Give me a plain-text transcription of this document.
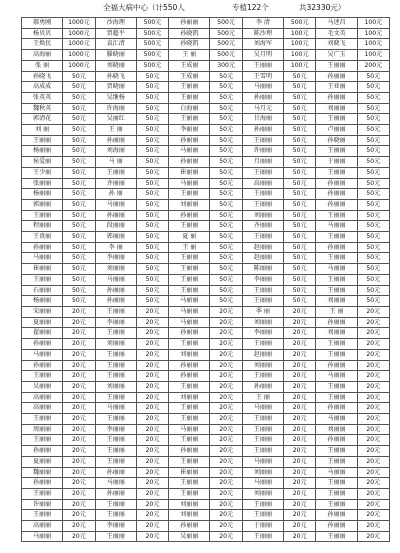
全福大病中心（计550人	专植122个	共32330元）
郝勇刚	1000元	沙海理	500元	孙丽丽	500元	李 清	500元	马述昌	100元
杨贝贝	1000元	贾超平	500元	孙晓凯	500元	陈沙理	100元	毛文英	100元
王焕民	1000元	袁汇清	500元	孙晓凯	500元	刘海军	100元	刘晓飞	100元
高海丽	1000元	滕晓丽	500元	王 丽	500元	吴月明	100元	吴广玉	100元
张 丽	1000元	刘晓丽	500元	王成丽	300元	王丽丽	100元	王丽丽	200元
孙晓飞	50元	孙晓飞	50元	王成丽	50元	王雪明	50元	孙丽丽	50元
高成成	50元	贾晓丽	50元	王丽丽	50元	马丽丽	50元	王亚丽	50元
张英英	50元	吴继杨	50元	王丽丽	50元	孙丽丽	50元	孙丽丽	50元
魏秋英	50元	许海丽	50元	白海丽	50元	马月元	50元	刘丽丽	50元
郭清花	50元	吴丽红	50元	王丽丽	50元	甘海丽	50元	王丽丽	50元
刘 丽	50元	王 丽	50元	李丽丽	50元	孙丽丽	50元	卢丽丽	50元
王丽丽	50元	孙丽丽	50元	孙丽丽	50元	王丽丽	50元	孙晓丽	50元
杨丽丽	50元	刘海丽	50元	马丽丽	50元	许丽丽	50元	王丽丽	50元
侯爱丽	50元	马 丽	50元	孙丽丽	50元	月丽丽	50元	于丽丽	50元
王少丽	50元	王丽丽	50元	崔丽丽	50元	王丽丽	50元	王丽丽	50元
张丽丽	50元	齐丽丽	50元	马丽丽	50元	高丽丽	50元	孙丽丽	50元
杨丽丽	50元	孙 丽	50元	王丽丽	50元	王丽丽	50元	孙丽丽	50元
郭丽丽	50元	马丽丽	50元	刘丽丽	50元	王丽丽	50元	孙丽丽	50元
王丽丽	50元	孙丽丽	50元	孙丽丽	50元	刘丽丽	50元	王丽丽	50元
程丽丽	50元	段丽丽	50元	王丽丽	50元	齐丽丽	50元	马丽丽	50元
王贵丽	50元	郭丽丽	50元	夏 丽	50元	王丽丽	50元	王丽丽	50元
孙丽丽	50元	李 丽	50元	王 丽	50元	赵丽丽	50元	孙丽丽	50元
马丽丽	50元	李丽丽	50元	王丽丽	50元	赵丽丽	50元	王丽丽	50元
崔丽丽	50元	刘丽丽	50元	王丽丽	50元	陈丽丽	50元	马丽丽	50元
王丽丽	50元	马丽丽	50元	王丽丽	50元	李丽丽	50元	王丽丽	50元
石丽丽	50元	孙丽丽	50元	王丽丽	50元	王丽丽	50元	王丽丽	50元
杨丽丽	50元	孙丽丽	50元	马丽丽	50元	王丽丽	50元	刘丽丽	50元
宋丽丽	20元	王丽丽	20元	马丽丽	20元	季 丽	20元	王 丽	20元
夏丽丽	20元	李丽丽	20元	马丽丽	20元	刘丽丽	20元	孙丽丽	20元
翟丽丽	20元	王丽丽	20元	孙丽丽	20元	李丽丽	20元	刘丽丽	20元
孙丽丽	20元	刘丽丽	20元	王丽丽	20元	王丽丽	20元	王丽丽	20元
马丽丽	20元	王丽丽	20元	刘丽丽	20元	赵丽丽	20元	王丽丽	20元
孙丽丽	20元	王丽丽	20元	孙丽丽	20元	刘丽丽	20元	孙丽丽	20元
王丽丽	20元	王丽丽	20元	孙丽丽	20元	王丽丽	20元	马丽丽	20元
吴丽丽	20元	刘丽丽	20元	王丽丽	20元	孙丽丽	20元	王丽丽	20元
高丽丽	20元	王丽丽	20元	刘丽丽	20元	王 丽	20元	王丽丽	20元
高丽丽	20元	马丽丽	20元	王丽丽	20元	马丽丽	20元	孙丽丽	20元
王丽丽	20元	王丽丽	20元	王丽丽	20元	王丽丽	20元	马丽丽	20元
周丽丽	20元	李丽丽	20元	马丽丽	20元	王丽丽	20元	刘丽丽	20元
王丽丽	20元	王丽丽	20元	王丽丽	20元	王丽丽	20元	孙丽丽	20元
孙丽丽	20元	王丽丽	20元	孙丽丽	20元	王丽丽	20元	王丽丽	20元
夏丽丽	20元	王丽丽	20元	王丽丽	20元	马丽丽	20元	王丽丽	20元
魏丽丽	20元	孙丽丽	20元	崔丽丽	20元	刘丽丽	20元	马丽丽	20元
孙丽丽	20元	马丽丽	20元	王丽丽	20元	马丽丽	20元	王丽丽	20元
王丽丽	20元	孙丽丽	20元	王丽丽	20元	刘丽丽	20元	王丽丽	20元
许丽丽	20元	王丽丽	20元	刘丽丽	20元	王丽丽	20元	王丽丽	20元
王丽丽	20元	王丽丽	20元	刘丽丽	20元	王丽丽	20元	孙丽丽	20元
高丽丽	20元	李丽丽	20元	孙丽丽	20元	于丽丽	20元	孙丽丽	20元
马丽丽	20元	王丽丽	20元	吴丽丽	20元	王丽丽	20元	王丽丽	20元
